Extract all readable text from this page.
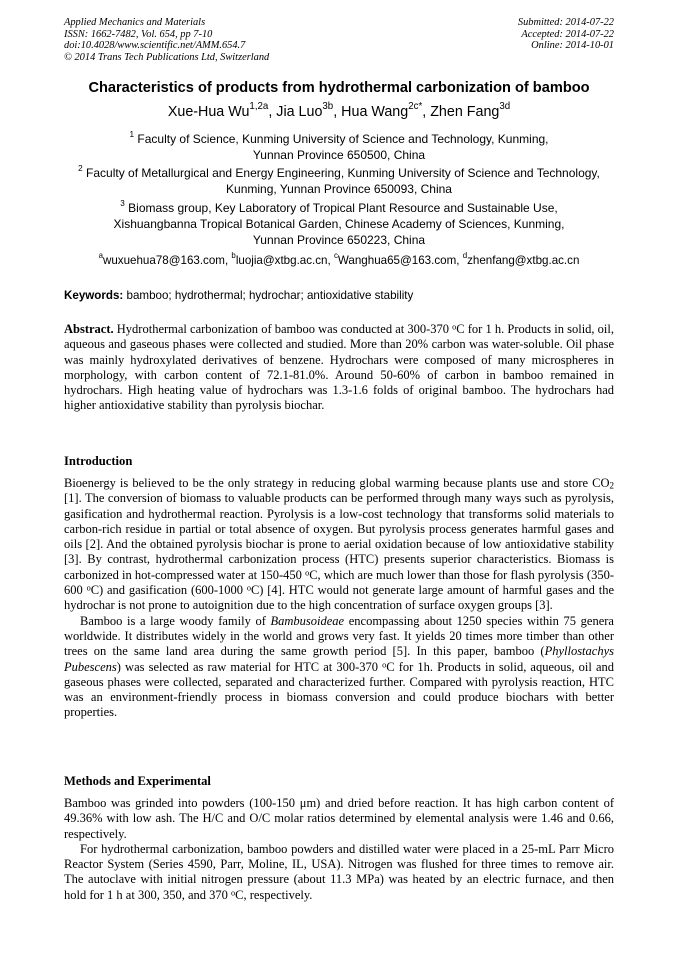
Applied Mechanics and Materials
ISSN: 1662-7482, Vol. 654, pp 7-10
doi:10.4028/www.scientific.net/AMM.654.7
© 2014 Trans Tech Publications Ltd, Switzerland
Submitted: 2014-07-22
Accepted: 2014-07-22
Online: 2014-10-01
Characteristics of products from hydrothermal carbonization of bamboo
Xue-Hua $Wu^{1,2a}$, Jia Luo$^{3b}$, Hua Wang$^{2c*}$, Zhen Fang$^{3d}$
$^1$ Faculty of Science, Kunming University of Science and Technology, Kunming,
Yunnan Province 650500, China
$^2$ Faculty of Metallurgical and Energy Engineering, Kunming University of Science and Technology,
Kunming, Yunnan Province 650093, China
$^3$ Biomass group, Key Laboratory of Tropical Plant Resource and Sustainable Use,
Xishuangbanna Tropical Botanical Garden, Chinese Academy of Sciences, Kunming,
Yunnan Province 650223, China
$^a$wuxuehua78@163.com, $^b$luojia@xtbg.ac.cn, $^c$Wanghua65@163.com, $^d$zhenfang@xtbg.ac.cn
Keywords: bamboo; hydrothermal; hydrochar; antioxidative stability
Abstract. Hydrothermal carbonization of bamboo was conducted at 300-370 $^o$C for 1 h. Products in solid, oil, aqueous and gaseous phases were collected and studied. More than 20% carbon was water-soluble. Oil phase was mainly hydroxylated derivatives of benzene. Hydrochars were composed of many microspheres in morphology, with carbon content of 72.1-81.0%. Around 50-60% of carbon in bamboo remained in hydrochars. High heating value of hydrochars was 1.3-1.6 folds of original bamboo. The hydrochars had higher antioxidative stability than pyrolysis biochar.
Introduction
Bioenergy is believed to be the only strategy in reducing global warming because plants use and store CO2 [1]. The conversion of biomass to valuable products can be performed through many ways such as pyrolysis, gasification and hydrothermal reaction. Pyrolysis is a low-cost technology that transforms solid materials to carbon-rich residue in partial or total absence of oxygen. But pyrolysis process generates harmful gases and oils [2]. And the obtained pyrolysis biochar is prone to aerial oxidation because of low antioxidative stability [3]. By contrast, hydrothermal carbonization process (HTC) presents superior characteristics. Biomass is carbonized in hot-compressed water at 150-450 $^o$C, which are much lower than those for flash pyrolysis (350-600 $^o$C) and gasification (600-1000 $^o$C) [4]. HTC would not generate large amount of harmful gases and the hydrochar is not prone to autoignition due to the high concentration of surface oxygen groups [3].
Bamboo is a large woody family of Bambusoideae encompassing about 1250 species within 75 genera worldwide. It distributes widely in the world and grows very fast. It yields 20 times more timber than other trees on the same land area during the same growth period [5]. In this paper, bamboo (Phyllostachys Pubescens) was selected as raw material for HTC at 300-370 $^o$C for 1h. Products in solid, aqueous, oil and gaseous phases were collected, separated and characterized further. Compared with pyrolysis reaction, HTC was an environment-friendly process in biomass conversion and could produce biochars with better properties.
Methods and Experimental
Bamboo was grinded into powders (100-150 μm) and dried before reaction. It has high carbon content of 49.36% with low ash. The H/C and O/C molar ratios determined by elemental analysis were 1.46 and 0.66, respectively.
For hydrothermal carbonization, bamboo powders and distilled water were placed in a 25-mL Parr Micro Reactor System (Series 4590, Parr, Moline, IL, USA). Nitrogen was flushed for three times to remove air. The autoclave with initial nitrogen pressure (about 11.3 MPa) was heated by an electric furnace, and then hold for 1 h at 300, 350, and 370 $^o$C, respectively.
